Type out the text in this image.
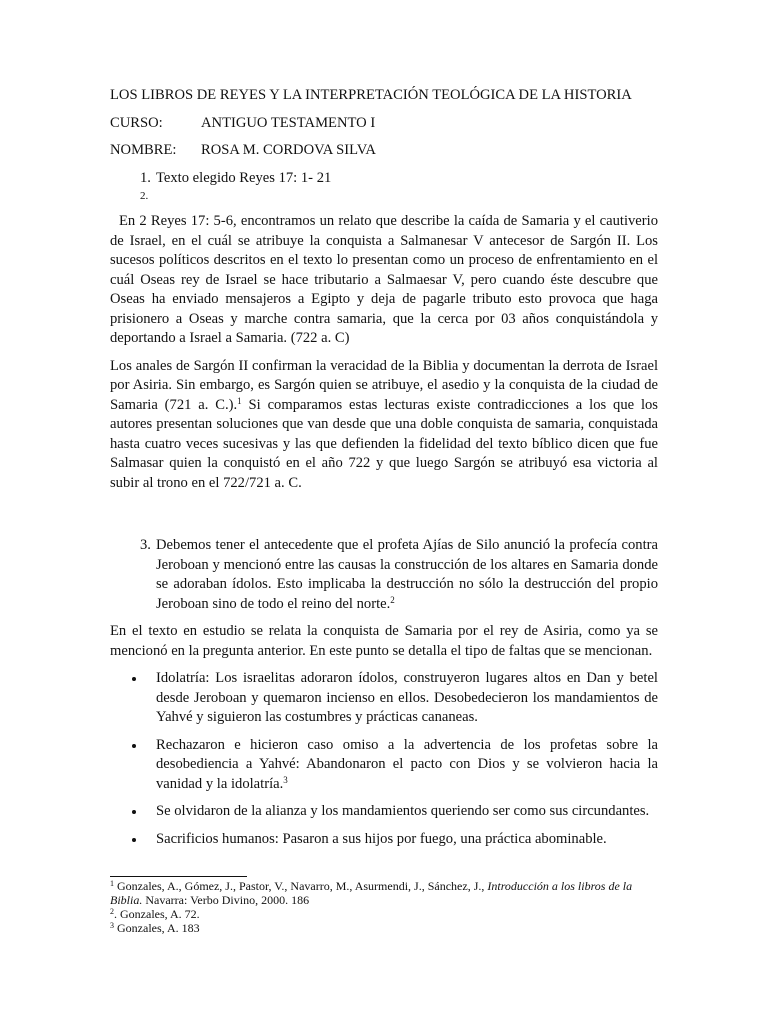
LOS LIBROS DE REYES Y LA INTERPRETACIÓN TEOLÓGICA DE LA HISTORIA
CURSO:	ANTIGUO TESTAMENTO I
NOMBRE:	ROSA M. CORDOVA SILVA
1. Texto elegido Reyes 17: 1- 21
2.

En 2 Reyes 17: 5-6, encontramos un relato que describe la caída de Samaria y el cautiverio de Israel, en el cuál se atribuye la conquista a Salmanesar V antecesor de Sargón II. Los sucesos políticos descritos en el texto lo presentan como un proceso de enfrentamiento en el cuál Oseas rey de Israel se hace tributario a Salmaesar V, pero cuando éste descubre que Oseas ha enviado mensajeros a Egipto y deja de pagarle tributo esto provoca que haga prisionero a Oseas y marche contra samaria, que la cerca por 03 años conquistándola y deportando a Israel a Samaria. (722 a. C)

Los anales de Sargón II confirman la veracidad de la Biblia y documentan la derrota de Israel por Asiria. Sin embargo, es Sargón quien se atribuye, el asedio y la conquista de la ciudad de Samaria (721 a. C.).$^1$ Si comparamos estas lecturas existe contradicciones a los que los autores presentan soluciones que van desde que una doble conquista de samaria, conquistada hasta cuatro veces sucesivas y las que defienden la fidelidad del texto bíblico dicen que fue Salmasar quien la conquistó en el año 722 y que luego Sargón se atribuyó esa victoria al subir al trono en el 722/721 a. C.

3. Debemos tener el antecedente que el profeta Ajías de Silo anunció la profecía contra Jeroboan y mencionó entre las causas la construcción de los altares en Samaria donde se adoraban ídolos. Esto implicaba la destrucción no sólo la destrucción del propio Jeroboan sino de todo el reino del norte.$^2$

En el texto en estudio se relata la conquista de Samaria por el rey de Asiria, como ya se mencionó en la pregunta anterior. En este punto se detalla el tipo de faltas que se mencionan.

Idolatría: Los israelitas adoraron ídolos, construyeron lugares altos en Dan y betel desde Jeroboan y quemaron incienso en ellos. Desobedecieron los mandamientos de Yahvé y siguieron las costumbres y prácticas cananeas.
Rechazaron e hicieron caso omiso a la advertencia de los profetas sobre la desobediencia a Yahvé: Abandonaron el pacto con Dios y se volvieron hacia la vanidad y la idolatría.$^3$
Se olvidaron de la alianza y los mandamientos queriendo ser como sus circundantes.
Sacrificios humanos: Pasaron a sus hijos por fuego, una práctica abominable.
$^1$ Gonzales, A., Gómez, J., Pastor, V., Navarro, M., Asurmendi, J., Sánchez, J., Introducción a los libros de la Biblia. Navarra: Verbo Divino, 2000. 186
$^2$. Gonzales, A. 72.
$^3$ Gonzales, A. 183
